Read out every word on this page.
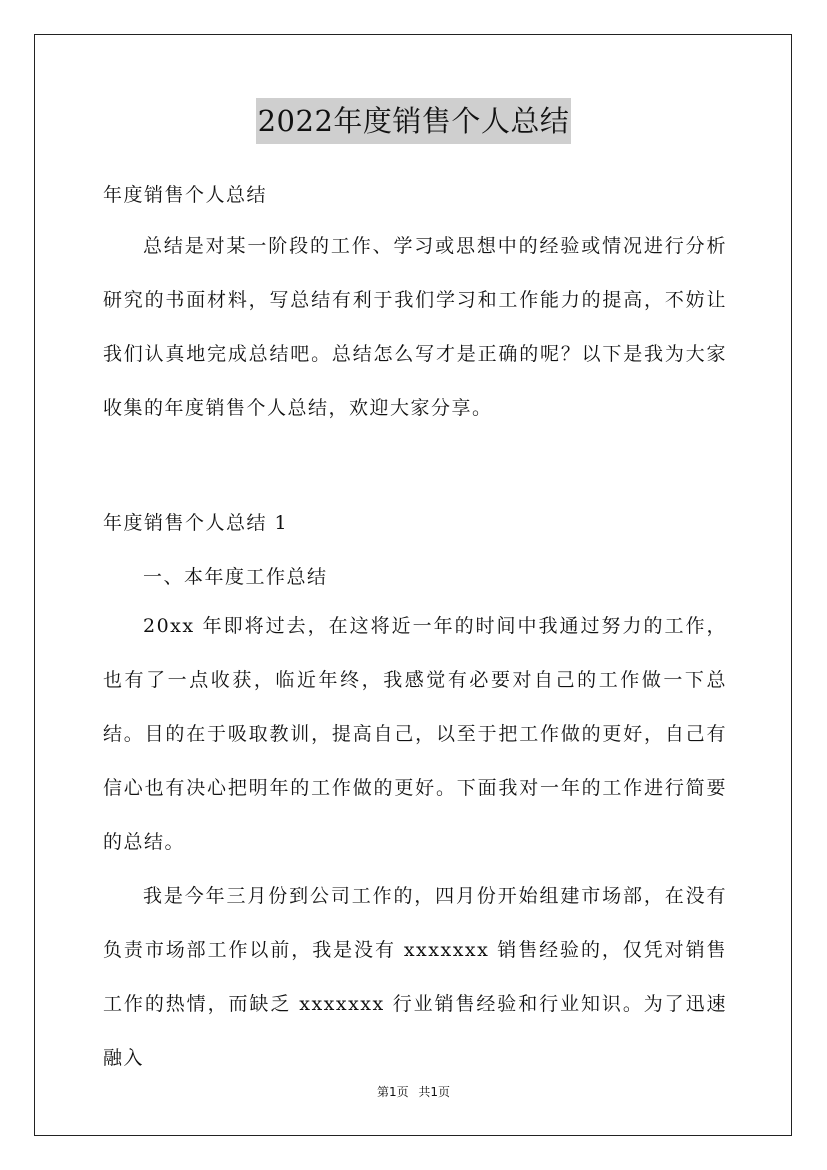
2022年度销售个人总结
年度销售个人总结
总结是对某一阶段的工作、学习或思想中的经验或情况进行分析研究的书面材料，写总结有利于我们学习和工作能力的提高，不妨让我们认真地完成总结吧。总结怎么写才是正确的呢？以下是我为大家收集的年度销售个人总结，欢迎大家分享。
年度销售个人总结 1
一、本年度工作总结
20xx 年即将过去，在这将近一年的时间中我通过努力的工作，也有了一点收获，临近年终，我感觉有必要对自己的工作做一下总结。目的在于吸取教训，提高自己，以至于把工作做的更好，自己有信心也有决心把明年的工作做的更好。下面我对一年的工作进行简要的总结。
我是今年三月份到公司工作的，四月份开始组建市场部，在没有负责市场部工作以前，我是没有 xxxxxxx 销售经验的，仅凭对销售工作的热情，而缺乏 xxxxxxx 行业销售经验和行业知识。为了迅速融入
第1页 共1页
